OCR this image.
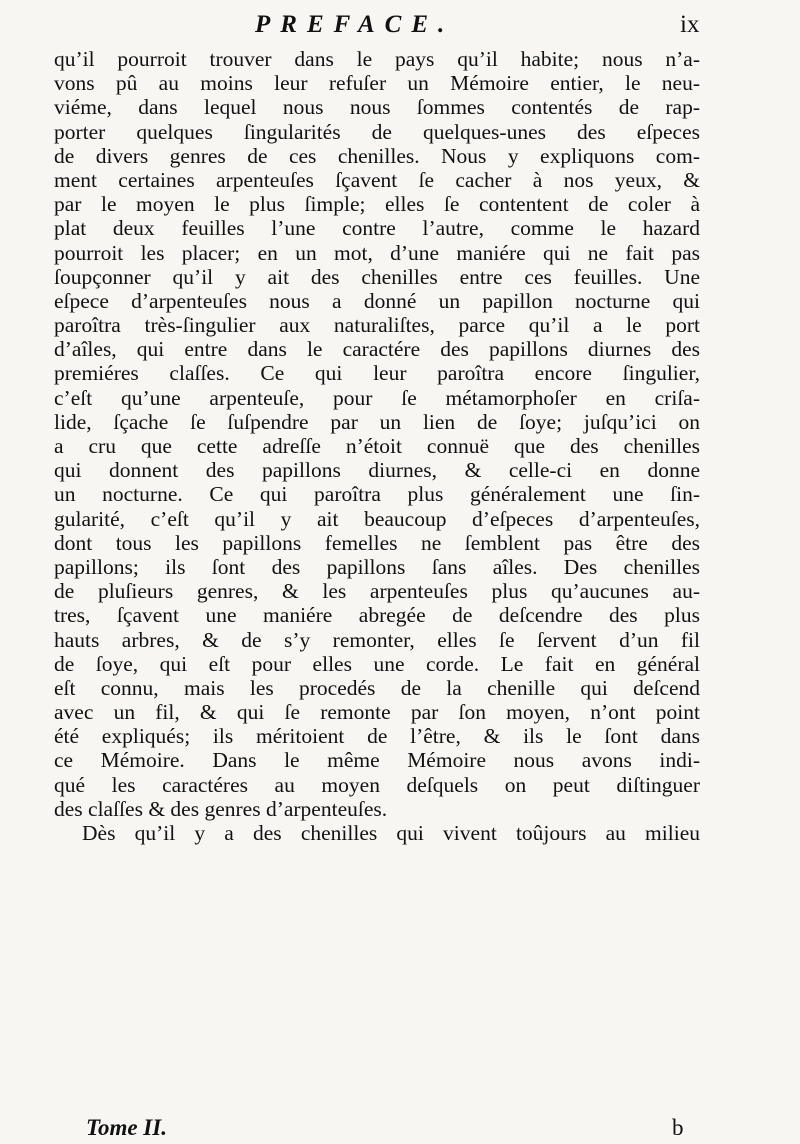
PREFACE.	ix
qu’il pourroit trouver dans le pays qu’il habite; nous n’a-
vons pû au moins leur refuſer un Mémoire entier, le neu-
viéme, dans lequel nous nous ſommes contentés de rap-
porter quelques ſingularités de quelques-unes des eſpeces
de divers genres de ces chenilles. Nous y expliquons com-
ment certaines arpenteuſes ſçavent ſe cacher à nos yeux, &
par le moyen le plus ſimple; elles ſe contentent de coler à
plat deux feuilles l’une contre l’autre, comme le hazard
pourroit les placer; en un mot, d’une maniére qui ne fait pas
ſoupçonner qu’il y ait des chenilles entre ces feuilles. Une
eſpece d’arpenteuſes nous a donné un papillon nocturne qui
paroîtra très-ſingulier aux naturaliſtes, parce qu’il a le port
d’aîles, qui entre dans le caractére des papillons diurnes des
premiéres claſſes. Ce qui leur paroîtra encore ſingulier,
c’eſt qu’une arpenteuſe, pour ſe métamorphoſer en criſa-
lide, ſçache ſe ſuſpendre par un lien de ſoye; juſqu’ici on
a cru que cette adreſſe n’étoit connuë que des chenilles
qui donnent des papillons diurnes, & celle-ci en donne
un nocturne. Ce qui paroîtra plus généralement une ſin-
gularité, c’eſt qu’il y ait beaucoup d’eſpeces d’arpenteuſes,
dont tous les papillons femelles ne ſemblent pas être des
papillons; ils ſont des papillons ſans aîles. Des chenilles
de pluſieurs genres, & les arpenteuſes plus qu’aucunes au-
tres, ſçavent une maniére abregée de deſcendre des plus
hauts arbres, & de s’y remonter, elles ſe ſervent d’un fil
de ſoye, qui eſt pour elles une corde. Le fait en général
eſt connu, mais les procedés de la chenille qui deſcend
avec un fil, & qui ſe remonte par ſon moyen, n’ont point
été expliqués; ils méritoient de l’être, & ils le ſont dans
ce Mémoire. Dans le même Mémoire nous avons indi-
qué les caractéres au moyen deſquels on peut diſtinguer
des claſſes & des genres d’arpenteuſes.
Dès qu’il y a des chenilles qui vivent toûjours au milieu
Tome II.	b
